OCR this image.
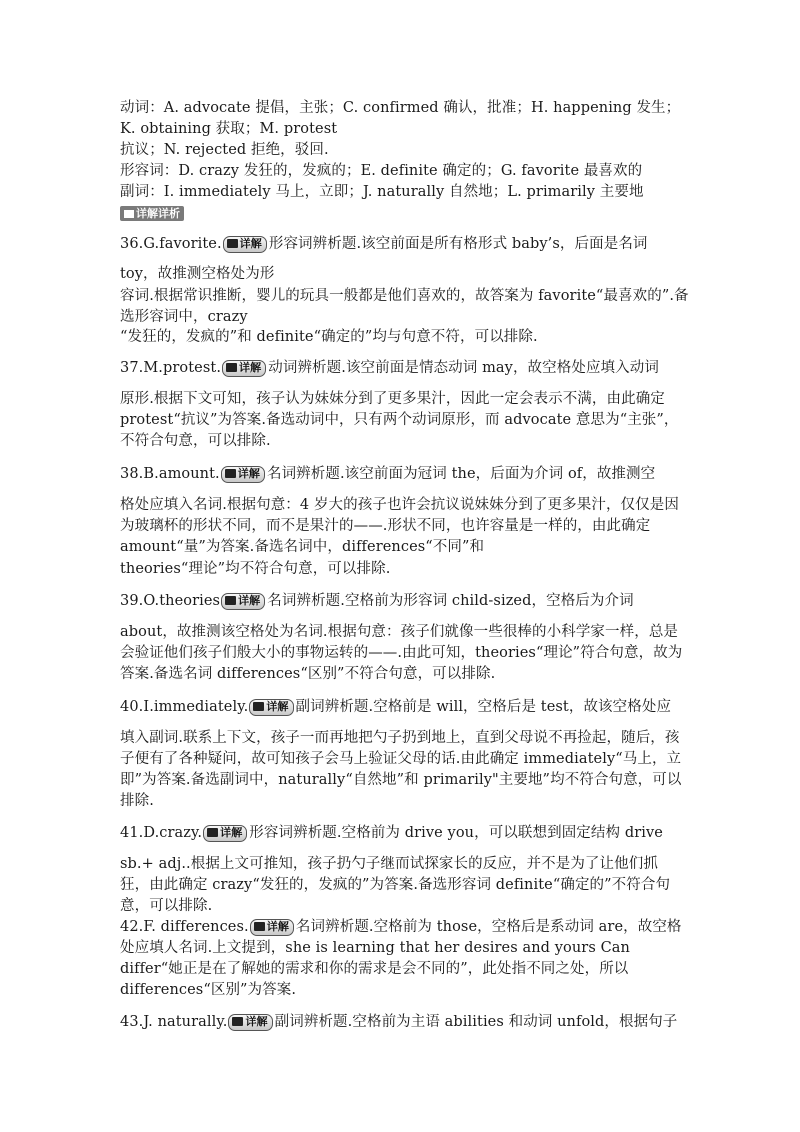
动词：A. advocate 提倡，主张；C. confirmed 确认，批准；H. happening 发生；
K. obtaining 获取；M. protest
抗议；N. rejected 拒绝，驳回.
形容词：D. crazy 发狂的，发疯的；E. definite 确定的；G. favorite 最喜欢的
副词：I. immediately 马上，立即；J. naturally 自然地；L. primarily 主要地
详解详析
36.G.favorite. 详解 形容词辨析题.该空前面是所有格形式 baby’s，后面是名词
toy，故推测空格处为形
容词.根据常识推断，婴儿的玩具一般都是他们喜欢的，故答案为 favorite“最喜欢的”.备选形容词中，crazy
“发狂的，发疯的”和 definite“确定的”均与句意不符，可以排除.
37.M.protest. 详解 动词辨析题.该空前面是情态动词 may，故空格处应填入动词
原形.根据下文可知，孩子认为妹妹分到了更多果汁，因此一定会表示不满，由此确定 protest“抗议”为答案.备选动词中，只有两个动词原形，而 advocate 意思为“主张”，不符合句意，可以排除.
38.B.amount. 详解 名词辨析题.该空前面为冠词 the，后面为介词 of，故推测空
格处应填入名词.根据句意：4 岁大的孩子也许会抗议说妹妹分到了更多果汁，仅仅是因为玻璃杯的形状不同，而不是果汁的——.形状不同，也许容量是一样的，由此确定 amount“量”为答案.备选名词中，differences“不同”和
theories“理论”均不符合句意，可以排除.
39.O.theories 详解 名词辨析题.空格前为形容词 child-sized，空格后为介词
about，故推测该空格处为名词.根据句意：孩子们就像一些很棒的小科学家一样，总是会验证他们孩子们般大小的事物运转的——.由此可知，theories“理论”符合句意，故为答案.备选名词 differences“区别”不符合句意，可以排除.
40.I.immediately. 详解 副词辨析题.空格前是 will，空格后是 test，故该空格处应
填入副词.联系上下文，孩子一而再地把勺子扔到地上，直到父母说不再捡起，随后，孩子便有了各种疑问，故可知孩子会马上验证父母的话.由此确定 immediately“马上，立即”为答案.备选副词中，naturally“自然地”和 primarily"主要地”均不符合句意，可以排除.
41.D.crazy. 详解 形容词辨析题.空格前为 drive you，可以联想到固定结构 drive
sb.+ adj..根据上文可推知，孩子扔勺子继而试探家长的反应，并不是为了让他们抓狂，由此确定 crazy“发狂的，发疯的”为答案.备选形容词 definite“确定的”不符合句意，可以排除.
42.F. differences. 详解 名词辨析题.空格前为 those，空格后是系动词 are，故空格处应填人名词.上文提到，she is learning that her desires and yours Can differ“她正是在了解她的需求和你的需求是会不同的”，此处指不同之处，所以 differences“区别”为答案.
43.J. naturally. 详解 副词辨析题.空格前为主语 abilities 和动词 unfold，根据句子
